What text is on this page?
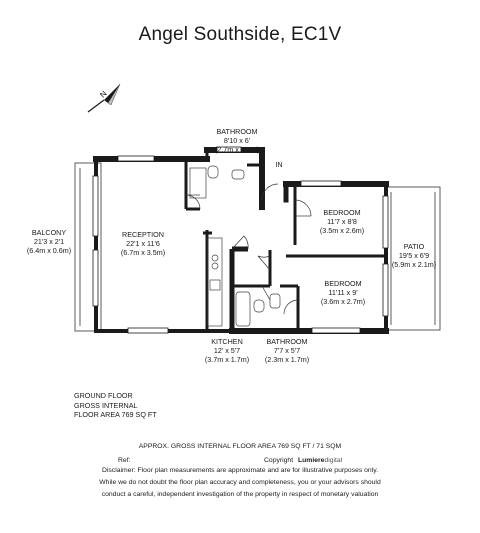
Angel Southside, EC1V
N
BATHROOM
8'10 x 6'
(2.7m x 1.8m)
IN
BALCONY
21'3 x 2'1
(6.4m x 0.6m)
RECEPTION
22'1 x 11'6
(6.7m x 3.5m)
BEDROOM
11'7 x 8'8
(3.5m x 2.6m)
PATIO
19'5 x 6'9
(5.9m x 2.1m)
BEDROOM
11'11 x 9'
(3.6m x 2.7m)
KITCHEN
12' x 5'7
(3.7m x 1.7m)
BATHROOM
7'7 x 5'7
(2.3m x 1.7m)
GROUND FLOOR
GROSS INTERNAL
FLOOR AREA 769 SQ FT
APPROX. GROSS INTERNAL FLOOR AREA 769 SQ FT / 71 SQM
Ref:	Copyright Lumieredigital
Disclaimer: Floor plan measurements are approximate and are for illustrative purposes only.
While we do not doubt the floor plan accuracy and completeness, you or your advisors should
conduct a careful, independent investigation of the property in respect of monetary valuation
